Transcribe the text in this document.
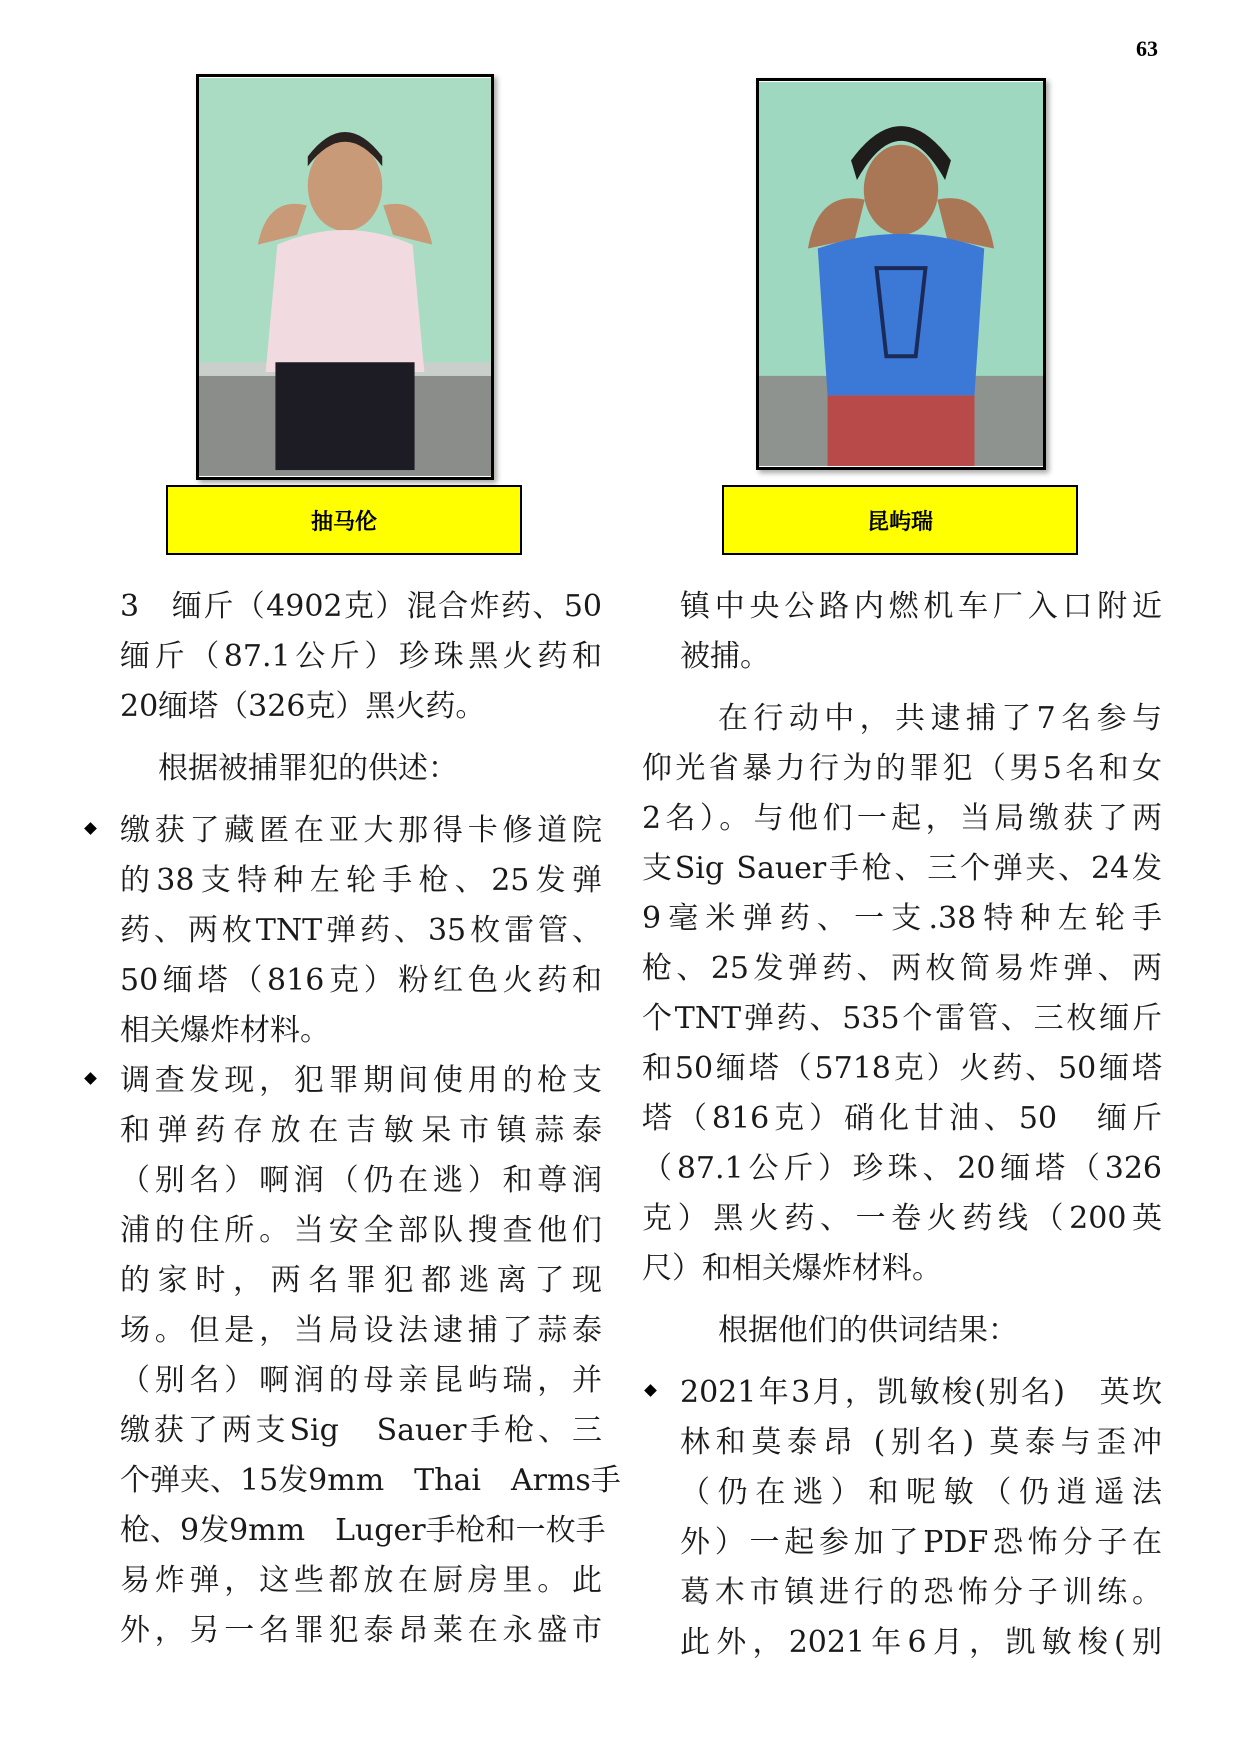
63
抽马伦	昆屿瑞

3　缅斤（4902克）混合炸药、50
缅斤（87.1公斤）珍珠黑火药和
20缅塔（326克）黑火药。

根据被捕罪犯的供述：

缴获了藏匿在亚大那得卡修道院
的38支特种左轮手枪、25发弹
药、两枚TNT弹药、35枚雷管、
50缅塔（816克）粉红色火药和
相关爆炸材料。
调查发现，犯罪期间使用的枪支
和弹药存放在吉敏呆市镇蒜泰
（别名）啊润（仍在逃）和尊润
浦的住所。当安全部队搜查他们
的家时，两名罪犯都逃离了现
场。但是，当局设法逮捕了蒜泰
（别名）啊润的母亲昆屿瑞，并
缴获了两支Sig　Sauer手枪、三
个弹夹、15发9mm　Thai　Arms手
枪、9发9mm　Luger手枪和一枚手
易炸弹，这些都放在厨房里。此
外，另一名罪犯泰昂莱在永盛市

镇中央公路内燃机车厂入口附近
被捕。

在行动中，共逮捕了7名参与
仰光省暴力行为的罪犯（男5名和女
2名）。与他们一起，当局缴获了两
支Sig Sauer手枪、三个弹夹、24发
9毫米弹药、一支.38特种左轮手
枪、25发弹药、两枚简易炸弹、两
个TNT弹药、535个雷管、三枚缅斤
和50缅塔（5718克）火药、50缅塔
塔（816克）硝化甘油、50　缅斤
（87.1公斤）珍珠、20缅塔（326
克）黑火药、一卷火药线（200英
尺）和相关爆炸材料。

根据他们的供词结果：

2021年3月，凯敏梭(别名)　英坎
林和莫泰昂 (别名) 莫泰与歪冲
（仍在逃）和呢敏（仍逍遥法
外）一起参加了PDF恐怖分子在
葛木市镇进行的恐怖分子训练。
此外，2021年6月，凯敏梭(别
